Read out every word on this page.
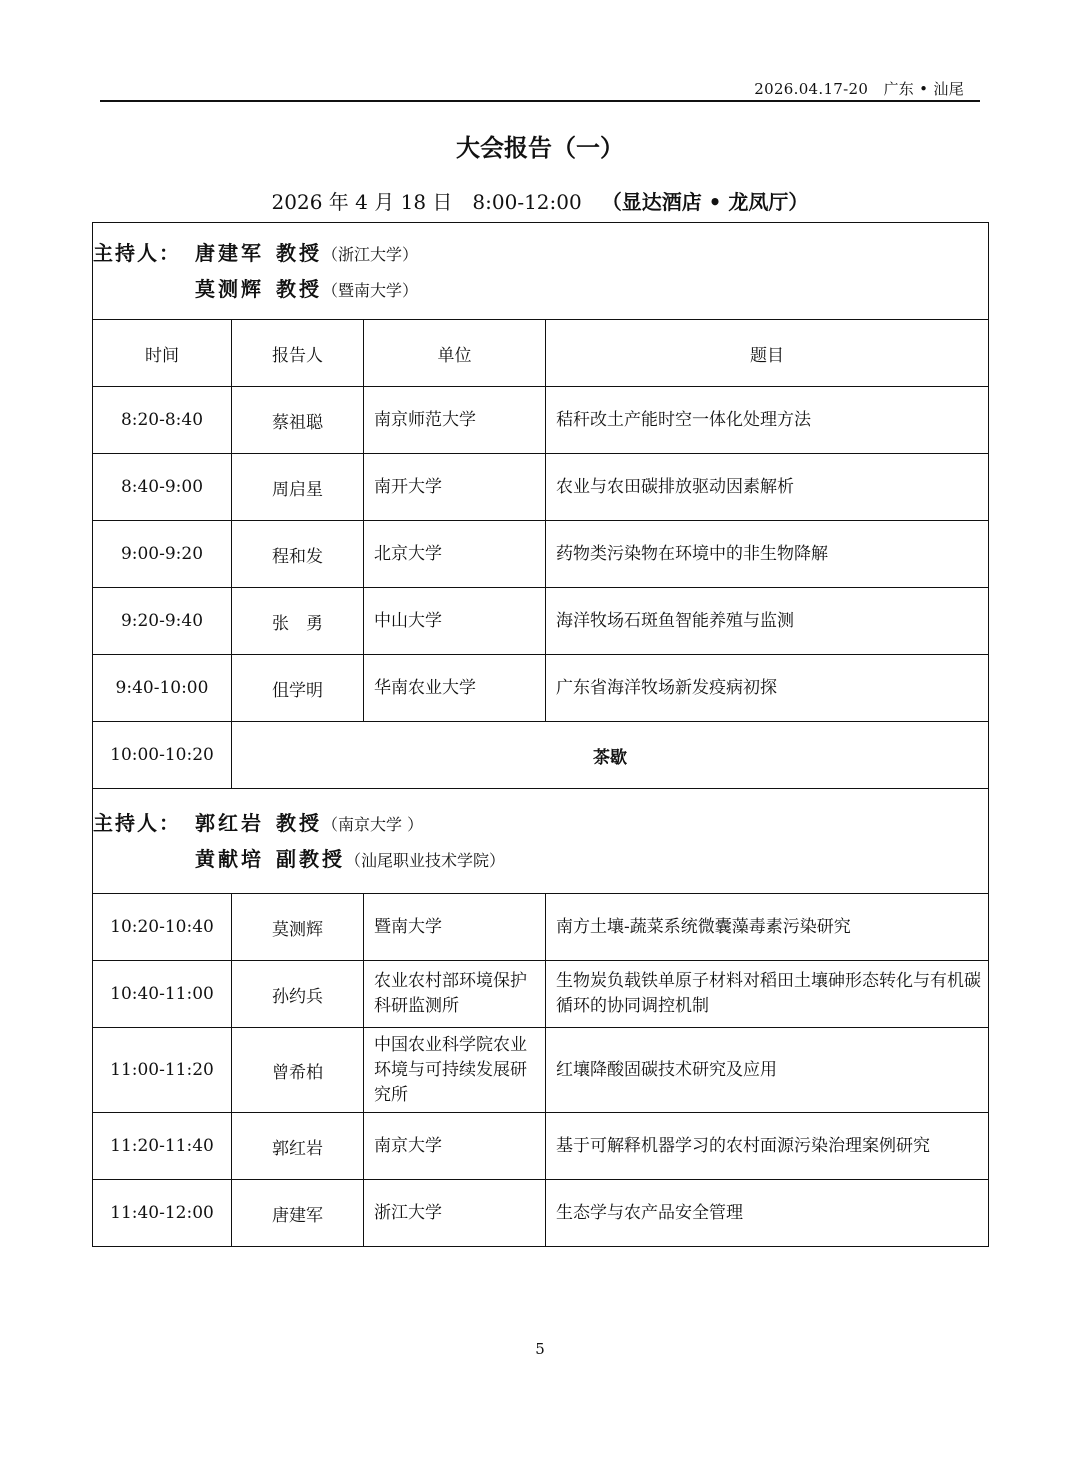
2026.04.17-20　广东 • 汕尾
大会报告（一）
2026 年 4 月 18 日 8:00-12:00 （显达酒店 • 龙凤厅）
主持人： 唐建军 教授（浙江大学）
莫测辉 教授（暨南大学）			

时间	报告人	单位	题目
8:20-8:40	蔡祖聪	南京师范大学	秸秆改土产能时空一体化处理方法
8:40-9:00	周启星	南开大学	农业与农田碳排放驱动因素解析
9:00-9:20	程和发	北京大学	药物类污染物在环境中的非生物降解
9:20-9:40	张　勇	中山大学	海洋牧场石斑鱼智能养殖与监测
9:40-10:00	伹学明	华南农业大学	广东省海洋牧场新发疫病初探
10:00-10:20	茶歇		

主持人： 郭红岩 教授（南京大学 ）
黄献培 副教授（汕尾职业技术学院）			

10:20-10:40	莫测辉	暨南大学	南方土壤-蔬菜系统微囊藻毒素污染研究
10:40-11:00	孙约兵	农业农村部环境保护科研监测所	生物炭负载铁单原子材料对稻田土壤砷形态转化与有机碳循环的协同调控机制
11:00-11:20	曾希柏	中国农业科学院农业环境与可持续发展研究所	红壤降酸固碳技术研究及应用
11:20-11:40	郭红岩	南京大学	基于可解释机器学习的农村面源污染治理案例研究
11:40-12:00	唐建军	浙江大学	生态学与农产品安全管理
5
